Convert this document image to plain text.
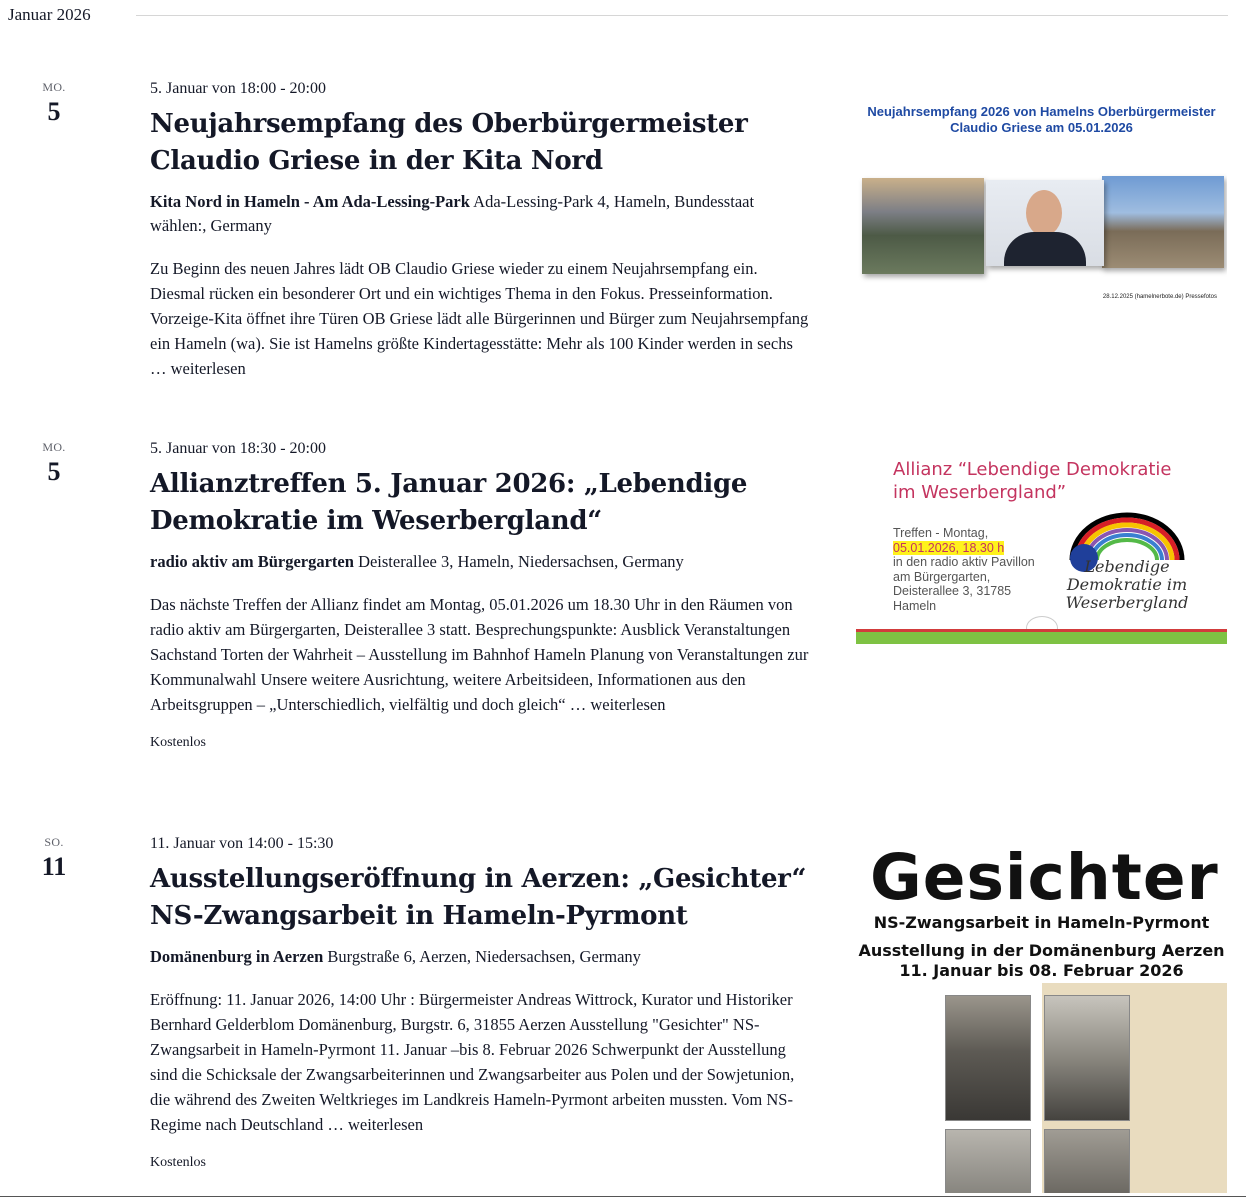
Januar 2026
MO.
5
5. Januar von 18:00 - 20:00
Neujahrsempfang des Oberbürgermeister Claudio Griese in der Kita Nord
Kita Nord in Hameln - Am Ada-Lessing-Park Ada-Lessing-Park 4, Hameln, Bundesstaat wählen:, Germany
Zu Beginn des neuen Jahres lädt OB Claudio Griese wieder zu einem Neujahrsempfang ein. Diesmal rücken ein besonderer Ort und ein wichtiges Thema in den Fokus. Presseinformation. Vorzeige-Kita öffnet ihre Türen OB Griese lädt alle Bürgerinnen und Bürger zum Neujahrsempfang ein Hameln (wa). Sie ist Hamelns größte Kindertagesstätte: Mehr als 100 Kinder werden in sechs … weiterlesen
Neujahrsempfang 2026 von Hamelns Oberbürgermeister Claudio Griese am 05.01.2026
28.12.2025 (hamelnerbote.de) Pressefotos
MO.
5
5. Januar von 18:30 - 20:00
Allianztreffen 5. Januar 2026: „Lebendige Demokratie im Weserbergland“
radio aktiv am Bürgergarten Deisterallee 3, Hameln, Niedersachsen, Germany
Das nächste Treffen der Allianz findet am Montag, 05.01.2026 um 18.30 Uhr in den Räumen von radio aktiv am Bürgergarten, Deisterallee 3 statt. Besprechungspunkte: Ausblick Veranstaltungen Sachstand Torten der Wahrheit – Ausstellung im Bahnhof Hameln Planung von Veranstaltungen zur Kommunalwahl Unsere weitere Ausrichtung, weitere Arbeitsideen, Informationen aus den Arbeitsgruppen – „Unterschiedlich, vielfältig und doch gleich“ … weiterlesen
Kostenlos
Allianz “Lebendige Demokratie
im Weserbergland”
Treffen - Montag,
05.01.2026, 18.30 h
in den radio aktiv Pavillon
am Bürgergarten,
Deisterallee 3, 31785
Hameln
Lebendige
Demokratie im
Weserbergland
SO.
11
11. Januar von 14:00 - 15:30
Ausstellungseröffnung in Aerzen: „Gesichter“ NS-Zwangsarbeit in Hameln-Pyrmont
Domänenburg in Aerzen Burgstraße 6, Aerzen, Niedersachsen, Germany
Eröffnung: 11. Januar 2026, 14:00 Uhr : Bürgermeister Andreas Wittrock, Kurator und Historiker Bernhard Gelderblom Domänenburg, Burgstr. 6, 31855 Aerzen Ausstellung "Gesichter" NS-Zwangsarbeit in Hameln-Pyrmont 11. Januar –bis 8. Februar 2026 Schwerpunkt der Ausstellung sind die Schicksale der Zwangsarbeiterinnen und Zwangsarbeiter aus Polen und der Sowjetunion, die während des Zweiten Weltkrieges im Landkreis Hameln-Pyrmont arbeiten mussten. Vom NS-Regime nach Deutschland … weiterlesen
Kostenlos
Gesichter
NS-Zwangsarbeit in Hameln-Pyrmont
Ausstellung in der Domänenburg Aerzen
11. Januar bis 08. Februar 2026
